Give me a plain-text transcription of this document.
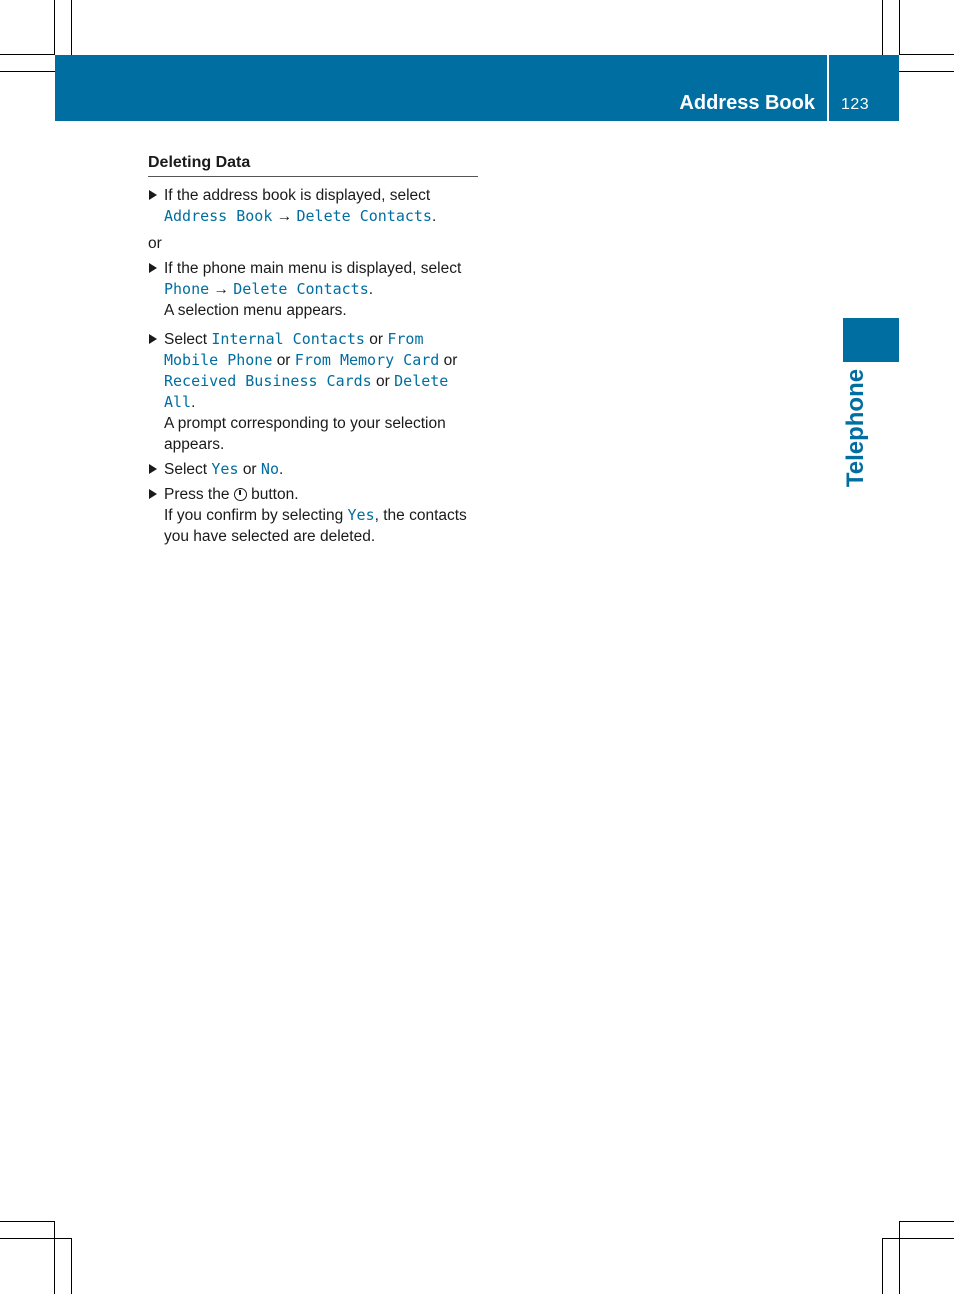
Address Book 123
Telephone
Deleting Data
If the address book is displayed, select
Address Book → Delete Contacts.
or
If the phone main menu is displayed, select
Phone → Delete Contacts.
A selection menu appears.
Select Internal Contacts or From Mobile Phone or From Memory Card or Received Business Cards or Delete All.
A prompt corresponding to your selection appears.
Select Yes or No.
Press the button.
If you confirm by selecting Yes, the contacts you have selected are deleted.
